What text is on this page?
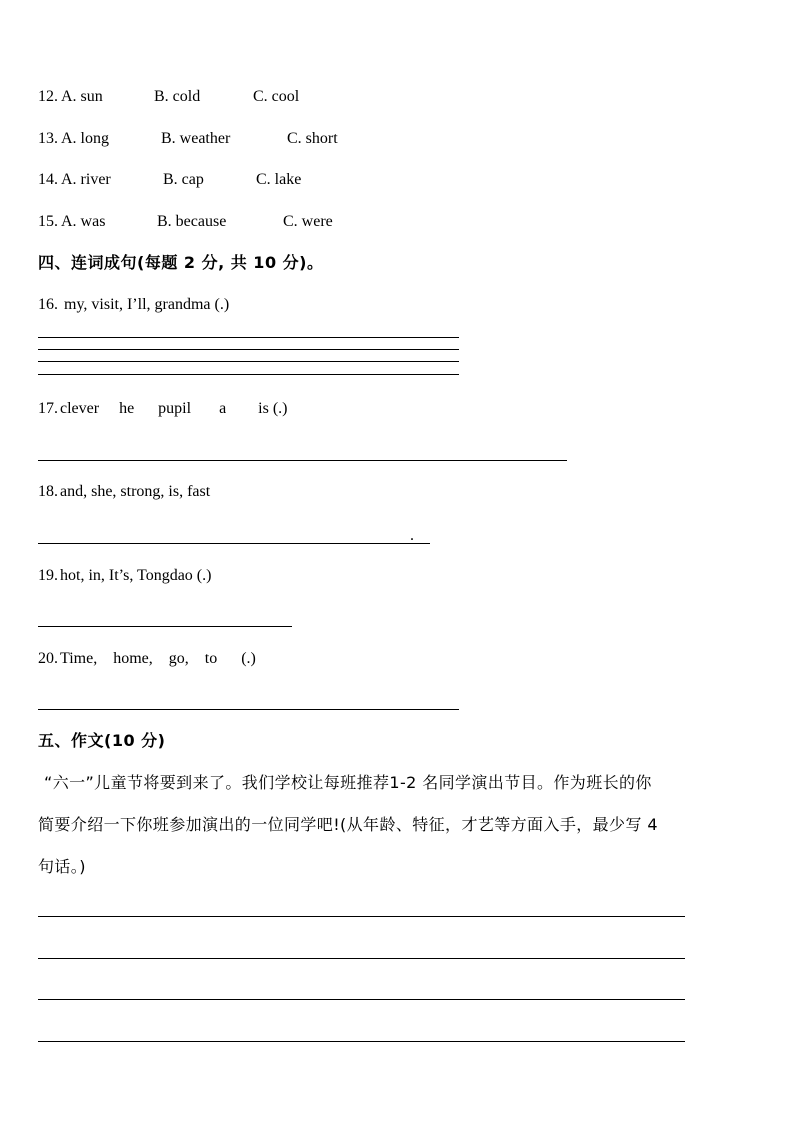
12. A. sun	B. cold	C. cool
13. A. long	B. weather	C. short
14. A. river	B. cap	C. lake
15. A. was	B. because	C. were
四、连词成句(每题 2 分, 共 10 分)。
16. my, visit, I’ll, grandma (.)
17. clever     he      pupil       a        is (.)
18. and, she, strong, is, fast
.
19. hot, in, It’s, Tongdao (.)
20. Time,    home,    go,    to      (.)
五、作文(10 分)
“六一”儿童节将要到来了。我们学校让每班推荐1-2 名同学演出节目。作为班长的你
简要介绍一下你班参加演出的一位同学吧!(从年龄、特征，才艺等方面入手，最少写 4
句话。)
